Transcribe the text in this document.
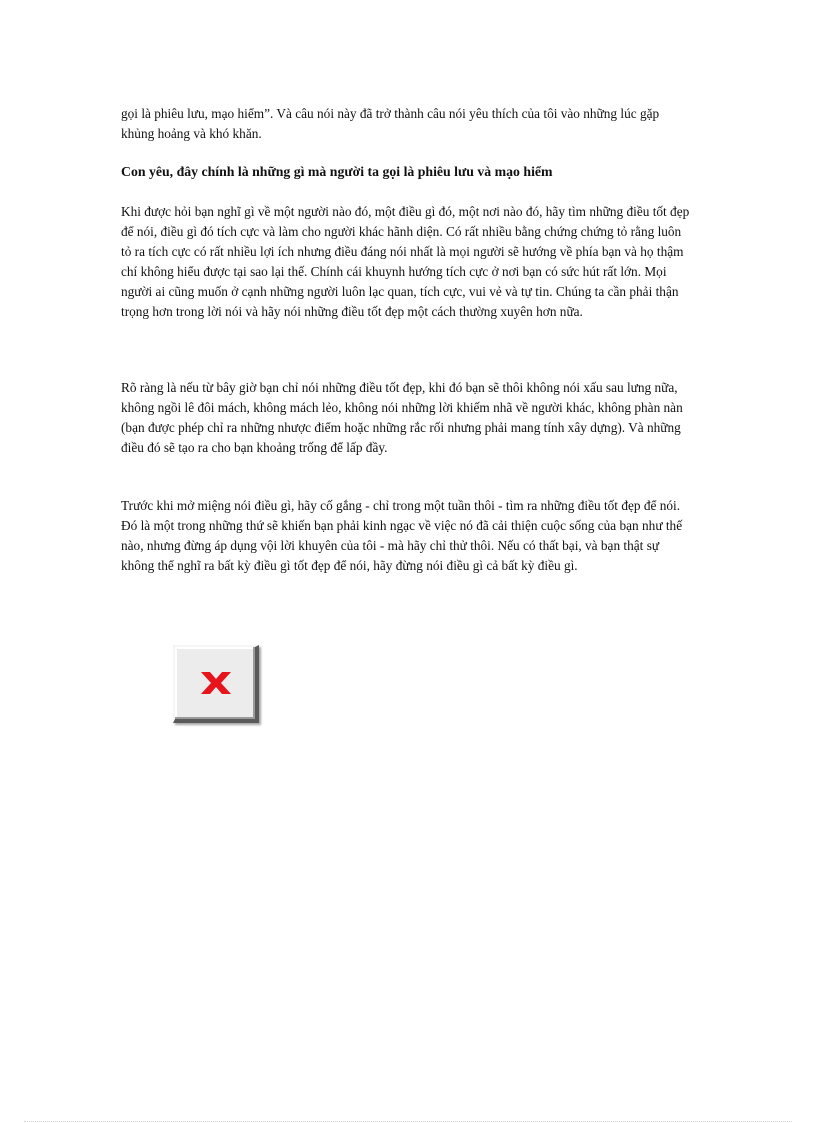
gọi là phiêu lưu, mạo hiểm”. Và câu nói này đã trở thành câu nói yêu thích của tôi vào những lúc gặp khủng hoảng và khó khăn.

Con yêu, đây chính là những gì mà người ta gọi là phiêu lưu và mạo hiểm

Khi được hỏi bạn nghĩ gì về một người nào đó, một điều gì đó, một nơi nào đó, hãy tìm những điều tốt đẹp để nói, điều gì đó tích cực và làm cho người khác hãnh diện. Có rất nhiều bằng chứng chứng tỏ rằng luôn tỏ ra tích cực có rất nhiều lợi ích nhưng điều đáng nói nhất là mọi người sẽ hướng về phía bạn và họ thậm chí không hiểu được tại sao lại thế. Chính cái khuynh hướng tích cực ở nơi bạn có sức hút rất lớn. Mọi người ai cũng muốn ở cạnh những người luôn lạc quan, tích cực, vui vẻ và tự tin. Chúng ta cần phải thận trọng hơn trong lời nói và hãy nói những điều tốt đẹp một cách thường xuyên hơn nữa.

Rõ ràng là nếu từ bây giờ bạn chỉ nói những điều tốt đẹp, khi đó bạn sẽ thôi không nói xấu sau lưng nữa, không ngồi lê đôi mách, không mách lẻo, không nói những lời khiếm nhã về người khác, không phàn nàn (bạn được phép chỉ ra những nhược điểm hoặc những rắc rối nhưng phải mang tính xây dựng). Và những điều đó sẽ tạo ra cho bạn khoảng trống để lấp đầy.

Trước khi mở miệng nói điều gì, hãy cố gắng - chỉ trong một tuần thôi - tìm ra những điều tốt đẹp để nói. Đó là một trong những thứ sẽ khiến bạn phải kinh ngạc về việc nó đã cải thiện cuộc sống của bạn như thế nào, nhưng đừng áp dụng vội lời khuyên của tôi - mà hãy chỉ thử thôi. Nếu có thất bại, và bạn thật sự không thể nghĩ ra bất kỳ điều gì tốt đẹp để nói, hãy đừng nói điều gì cả bất kỳ điều gì.
